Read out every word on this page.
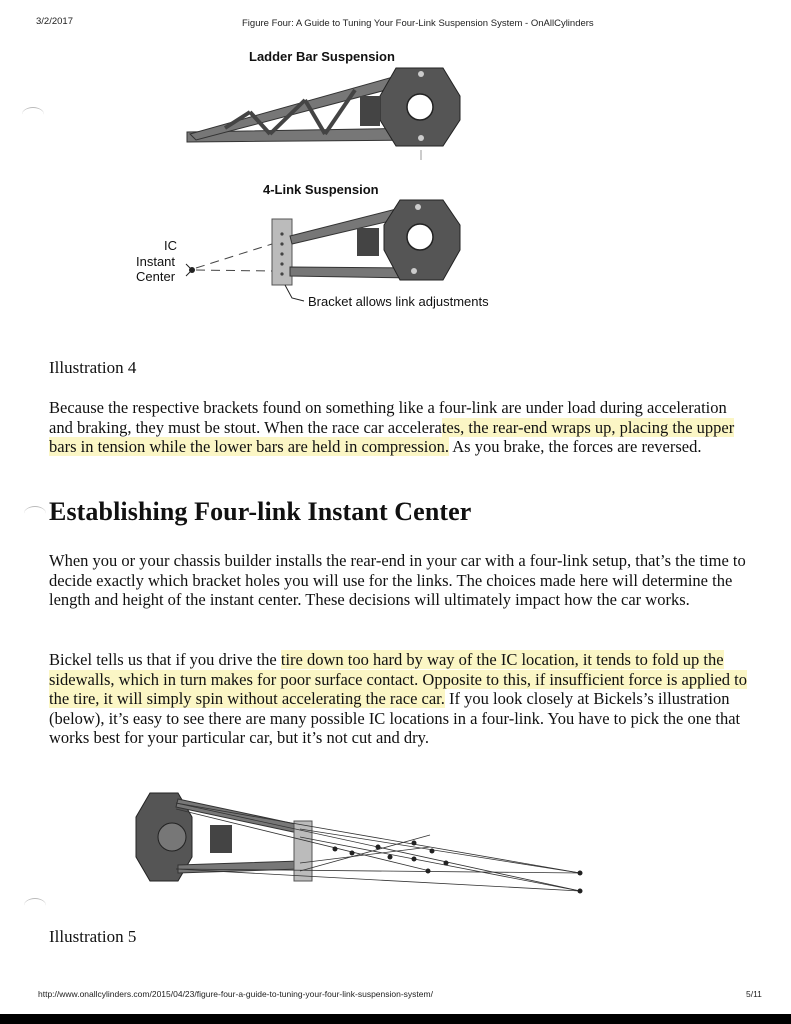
3/2/2017	Figure Four: A Guide to Tuning Your Four-Link Suspension System - OnAllCylinders
Ladder Bar Suspension
4-Link Suspension
IC
Instant
Center
Bracket allows link adjustments
Illustration 4

Because the respective brackets found on something like a four-link are under load during acceleration and braking, they must be stout. When the race car accelerates, the rear-end wraps up, placing the upper bars in tension while the lower bars are held in compression. As you brake, the forces are reversed.

Establishing Four-link Instant Center

When you or your chassis builder installs the rear-end in your car with a four-link setup, that’s the time to decide exactly which bracket holes you will use for the links. The choices made here will determine the length and height of the instant center. These decisions will ultimately impact how the car works.

Bickel tells us that if you drive the tire down too hard by way of the IC location, it tends to fold up the sidewalls, which in turn makes for poor surface contact. Opposite to this, if insufficient force is applied to the tire, it will simply spin without accelerating the race car. If you look closely at Bickels’s illustration (below), it’s easy to see there are many possible IC locations in a four-link. You have to pick the one that works best for your particular car, but it’s not cut and dry.

Illustration 5
http://www.onallcylinders.com/2015/04/23/figure-four-a-guide-to-tuning-your-four-link-suspension-system/	5/11
